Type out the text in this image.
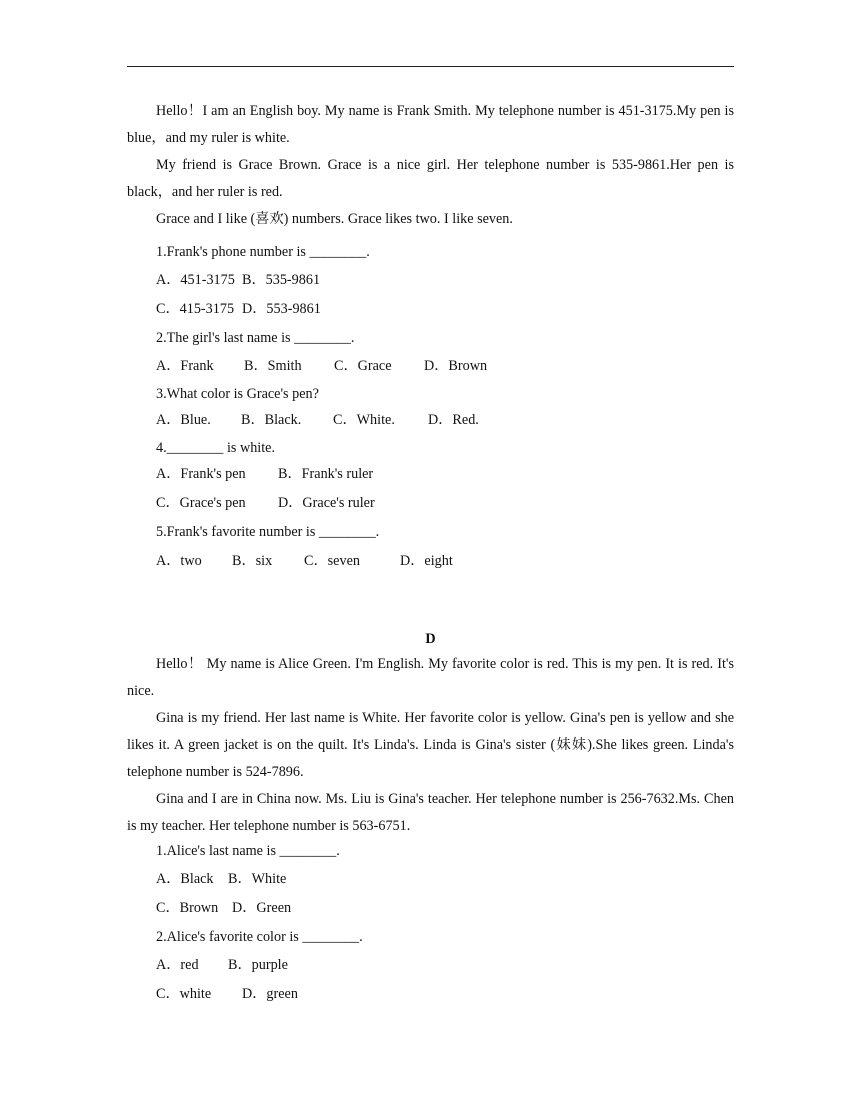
Hello！I am an English boy. My name is Frank Smith. My telephone number is 451-3175.My pen is blue，and my ruler is white.
My friend is Grace Brown. Grace is a nice girl. Her telephone number is 535-9861.Her pen is black，and her ruler is red.
Grace and I like (喜欢) numbers. Grace likes two. I like seven.
1.Frank's phone number is ________.
A．451-3175 B．535-9861
C．415-3175 D．553-9861
2.The girl's last name is ________.
A．Frank B．Smith C．Grace D．Brown
3.What color is Grace's pen?
A．Blue. B．Black. C．White. D．Red.
4.________ is white.
A．Frank's pen B．Frank's ruler
C．Grace's pen D．Grace's ruler
5.Frank's favorite number is ________.
A．two B．six C．seven	D．eight
D
Hello！ My name is Alice Green. I'm English. My favorite color is red. This is my pen. It is red. It's nice.
Gina is my friend. Her last name is White. Her favorite color is yellow. Gina's pen is yellow and she likes it. A green jacket is on the quilt. It's Linda's. Linda is Gina's sister (妹妹).She likes green. Linda's telephone number is 524-7896.
Gina and I are in China now. Ms. Liu is Gina's teacher. Her telephone number is 256-7632.Ms. Chen is my teacher. Her telephone number is 563-6751.
1.Alice's last name is ________.
A．Black B．White
C．Brown D．Green
2.Alice's favorite color is ________.
A．red B．purple
C．white D．green
